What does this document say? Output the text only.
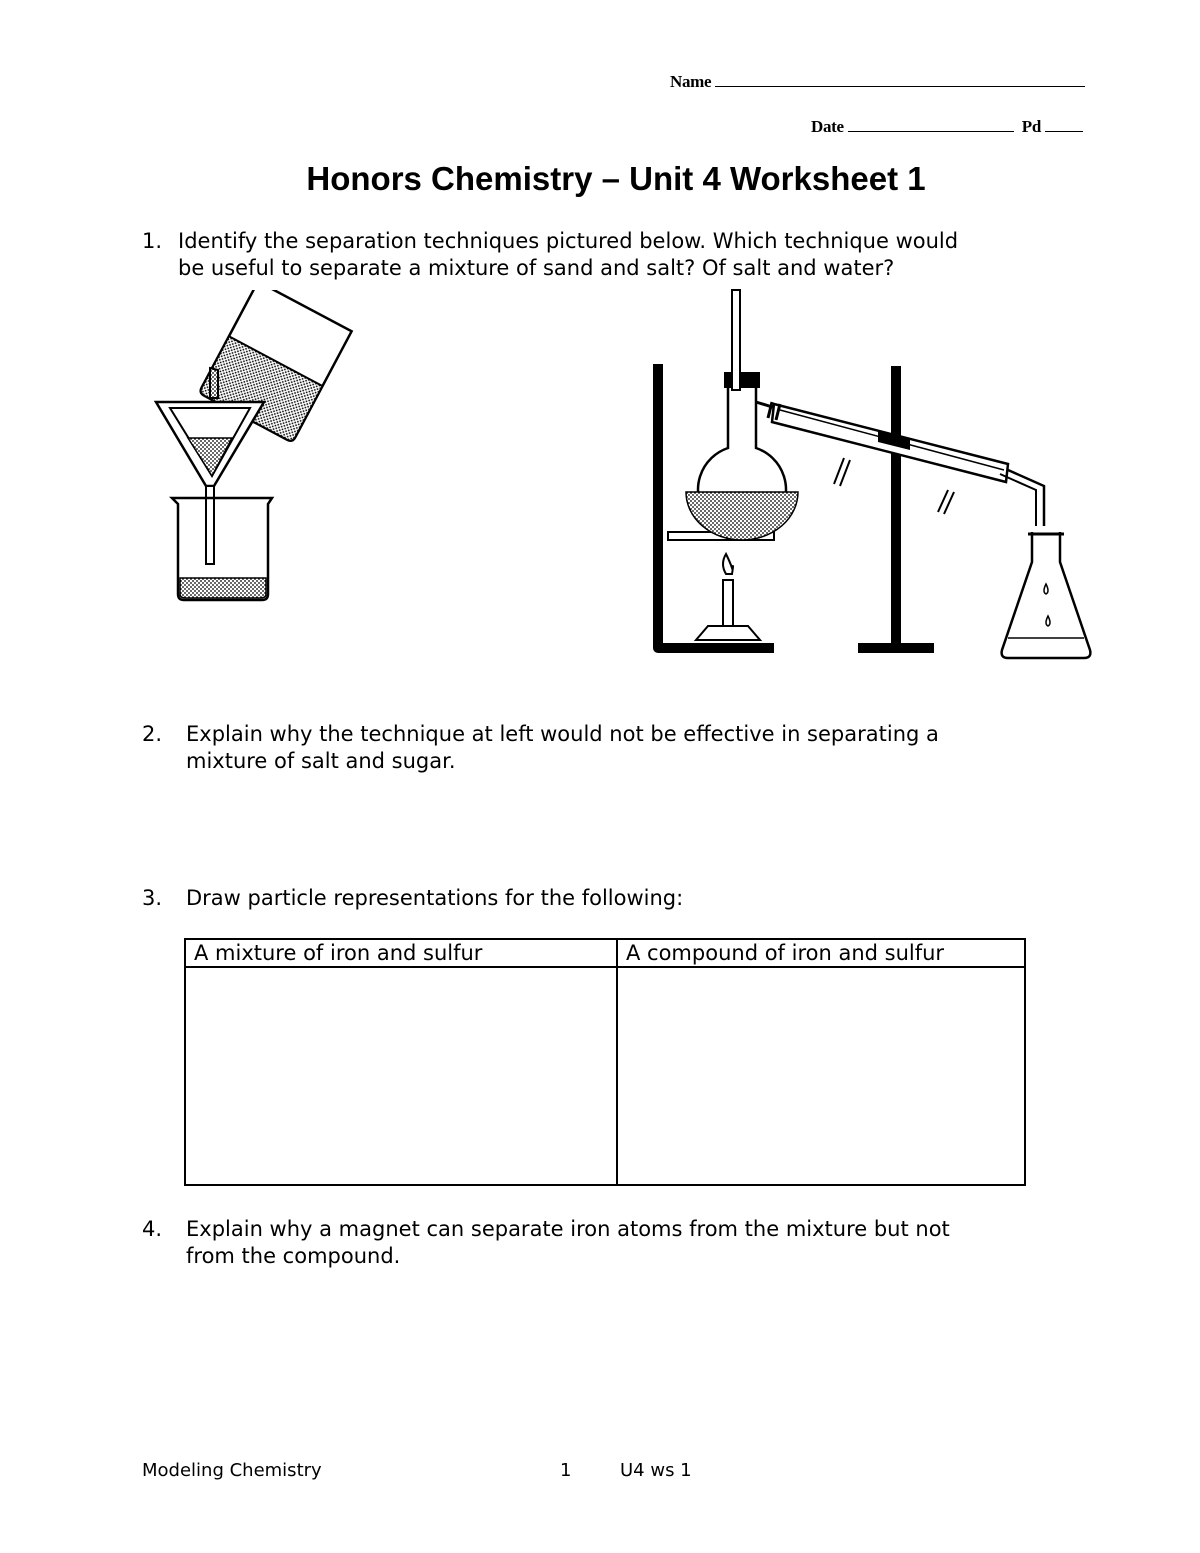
Name
Date	Pd
Honors Chemistry – Unit 4 Worksheet 1
1. Identify the separation techniques pictured below. Which technique would
be useful to separate a mixture of sand and salt? Of salt and water?
2. Explain why the technique at left would not be effective in separating a
mixture of salt and sugar.
3. Draw particle representations for the following:
A mixture of iron and sulfur	A compound of iron and sulfur

4. Explain why a magnet can separate iron atoms from the mixture but not
from the compound.
Modeling Chemistry	1	U4 ws 1
